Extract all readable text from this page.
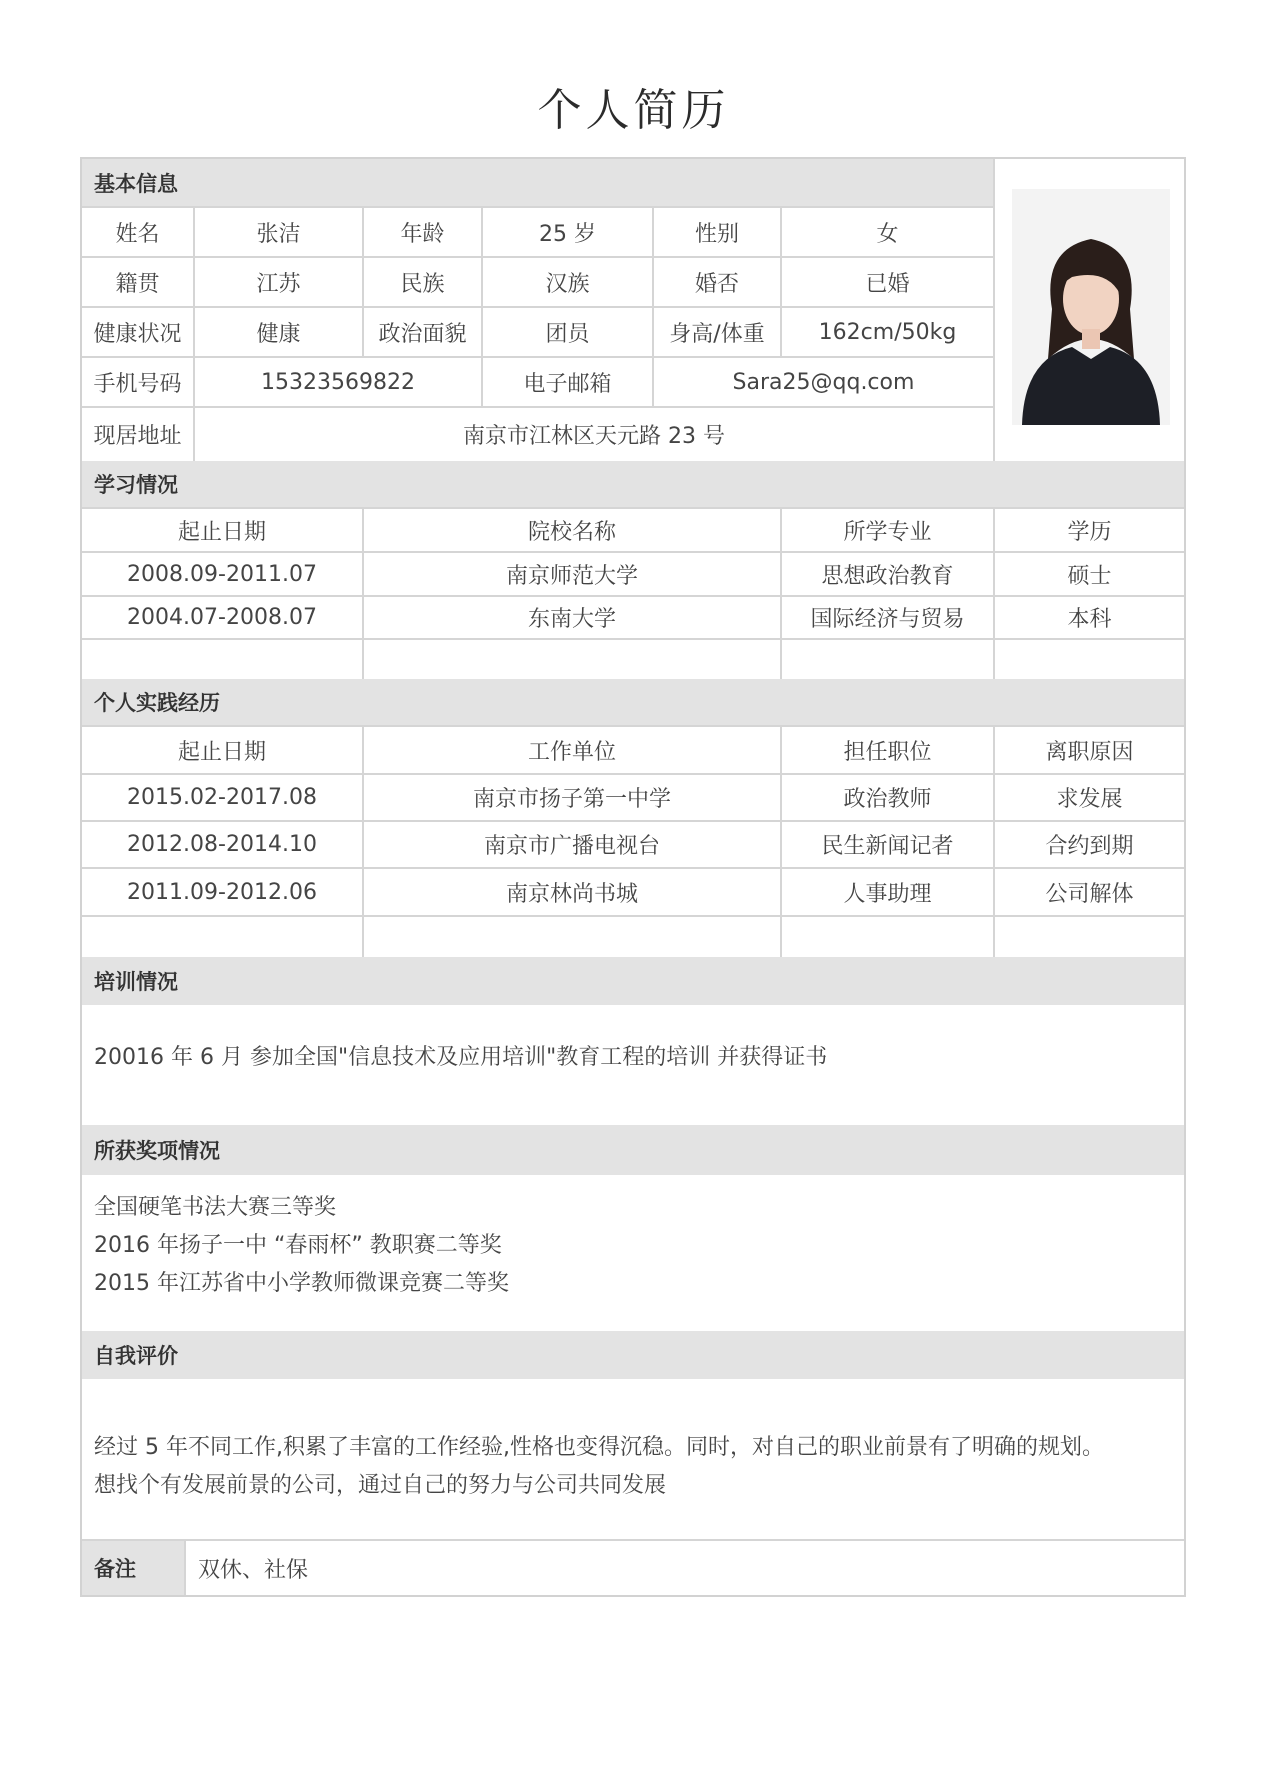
个人简历
基本信息
姓名	张洁	年龄	25 岁	性别	女
籍贯	江苏	民族	汉族	婚否	已婚
健康状况	健康	政治面貌	团员	身高/体重	162cm/50kg
手机号码	15323569822	电子邮箱	Sara25@qq.com
现居地址	南京市江林区天元路 23 号
学习情况
起止日期	院校名称	所学专业	学历
2008.09-2011.07	南京师范大学	思想政治教育	硕士
2004.07-2008.07	东南大学	国际经济与贸易	本科
个人实践经历
起止日期	工作单位	担任职位	离职原因
2015.02-2017.08	南京市扬子第一中学	政治教师	求发展
2012.08-2014.10	南京市广播电视台	民生新闻记者	合约到期
2011.09-2012.06	南京林尚书城	人事助理	公司解体
培训情况
20016 年 6 月 参加全国"信息技术及应用培训"教育工程的培训 并获得证书
所获奖项情况
全国硬笔书法大赛三等奖
2016 年扬子一中 “春雨杯” 教职赛二等奖
2015 年江苏省中小学教师微课竞赛二等奖
自我评价
经过 5 年不同工作,积累了丰富的工作经验,性格也变得沉稳。同时，对自己的职业前景有了明确的规划。
想找个有发展前景的公司，通过自己的努力与公司共同发展
备注	双休、社保
